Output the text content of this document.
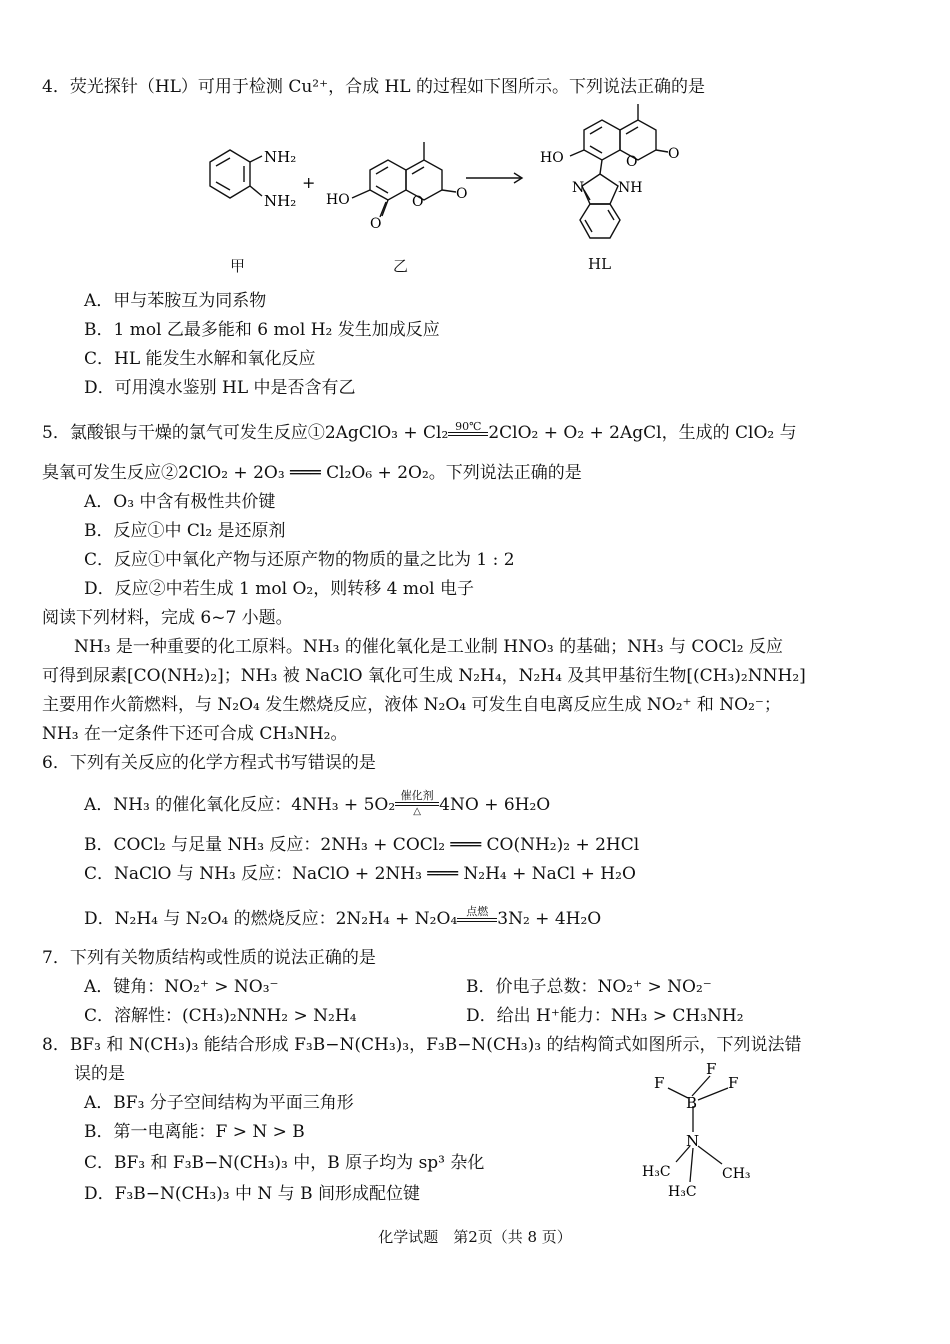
4．荧光探针（HL）可用于检测 Cu²⁺，合成 HL 的过程如下图所示。下列说法正确的是
NH₂
NH₂
+
O O
HO
O
O O
HO
N NH
甲	乙	HL
A．甲与苯胺互为同系物
B．1 mol 乙最多能和 6 mol H₂ 发生加成反应
C．HL 能发生水解和氧化反应
D．可用溴水鉴别 HL 中是否含有乙
5．氯酸银与干燥的氯气可发生反应①2AgClO₃ + Cl₂ 90℃ 2ClO₂ + O₂ + 2AgCl，生成的 ClO₂ 与
臭氧可发生反应②2ClO₂ + 2O₃ ═══ Cl₂O₆ + 2O₂。下列说法正确的是
A．O₃ 中含有极性共价键
B．反应①中 Cl₂ 是还原剂
C．反应①中氧化产物与还原产物的物质的量之比为 1 : 2
D．反应②中若生成 1 mol O₂，则转移 4 mol 电子
阅读下列材料，完成 6~7 小题。
NH₃ 是一种重要的化工原料。NH₃ 的催化氧化是工业制 HNO₃ 的基础；NH₃ 与 COCl₂ 反应
可得到尿素[CO(NH₂)₂]；NH₃ 被 NaClO 氧化可生成 N₂H₄，N₂H₄ 及其甲基衍生物[(CH₃)₂NNH₂]
主要用作火箭燃料，与 N₂O₄ 发生燃烧反应，液体 N₂O₄ 可发生自电离反应生成 NO₂⁺ 和 NO₂⁻；
NH₃ 在一定条件下还可合成 CH₃NH₂。
6．下列有关反应的化学方程式书写错误的是
A．NH₃ 的催化氧化反应：4NH₃ + 5O₂ 催化剂
△	4NO + 6H₂O
B．COCl₂ 与足量 NH₃ 反应：2NH₃ + COCl₂ ═══ CO(NH₂)₂ + 2HCl
C．NaClO 与 NH₃ 反应：NaClO + 2NH₃ ═══ N₂H₄ + NaCl + H₂O
D．N₂H₄ 与 N₂O₄ 的燃烧反应：2N₂H₄ + N₂O₄ 点燃 3N₂ + 4H₂O
7．下列有关物质结构或性质的说法正确的是
A．键角：NO₂⁺ > NO₃⁻	B．价电子总数：NO₂⁺ > NO₂⁻
C．溶解性：(CH₃)₂NNH₂ > N₂H₄	D．给出 H⁺能力：NH₃ > CH₃NH₂
8．BF₃ 和 N(CH₃)₃ 能结合形成 F₃B−N(CH₃)₃，F₃B−N(CH₃)₃ 的结构简式如图所示，下列说法错
误的是
A．BF₃ 分子空间结构为平面三角形
B．第一电离能：F > N > B
C．BF₃ 和 F₃B−N(CH₃)₃ 中，B 原子均为 sp³ 杂化
D．F₃B−N(CH₃)₃ 中 N 与 B 间形成配位键
F
F
F
B
N
H₃C	CH₃
H₃C
化学试题　第2页（共 8 页）
